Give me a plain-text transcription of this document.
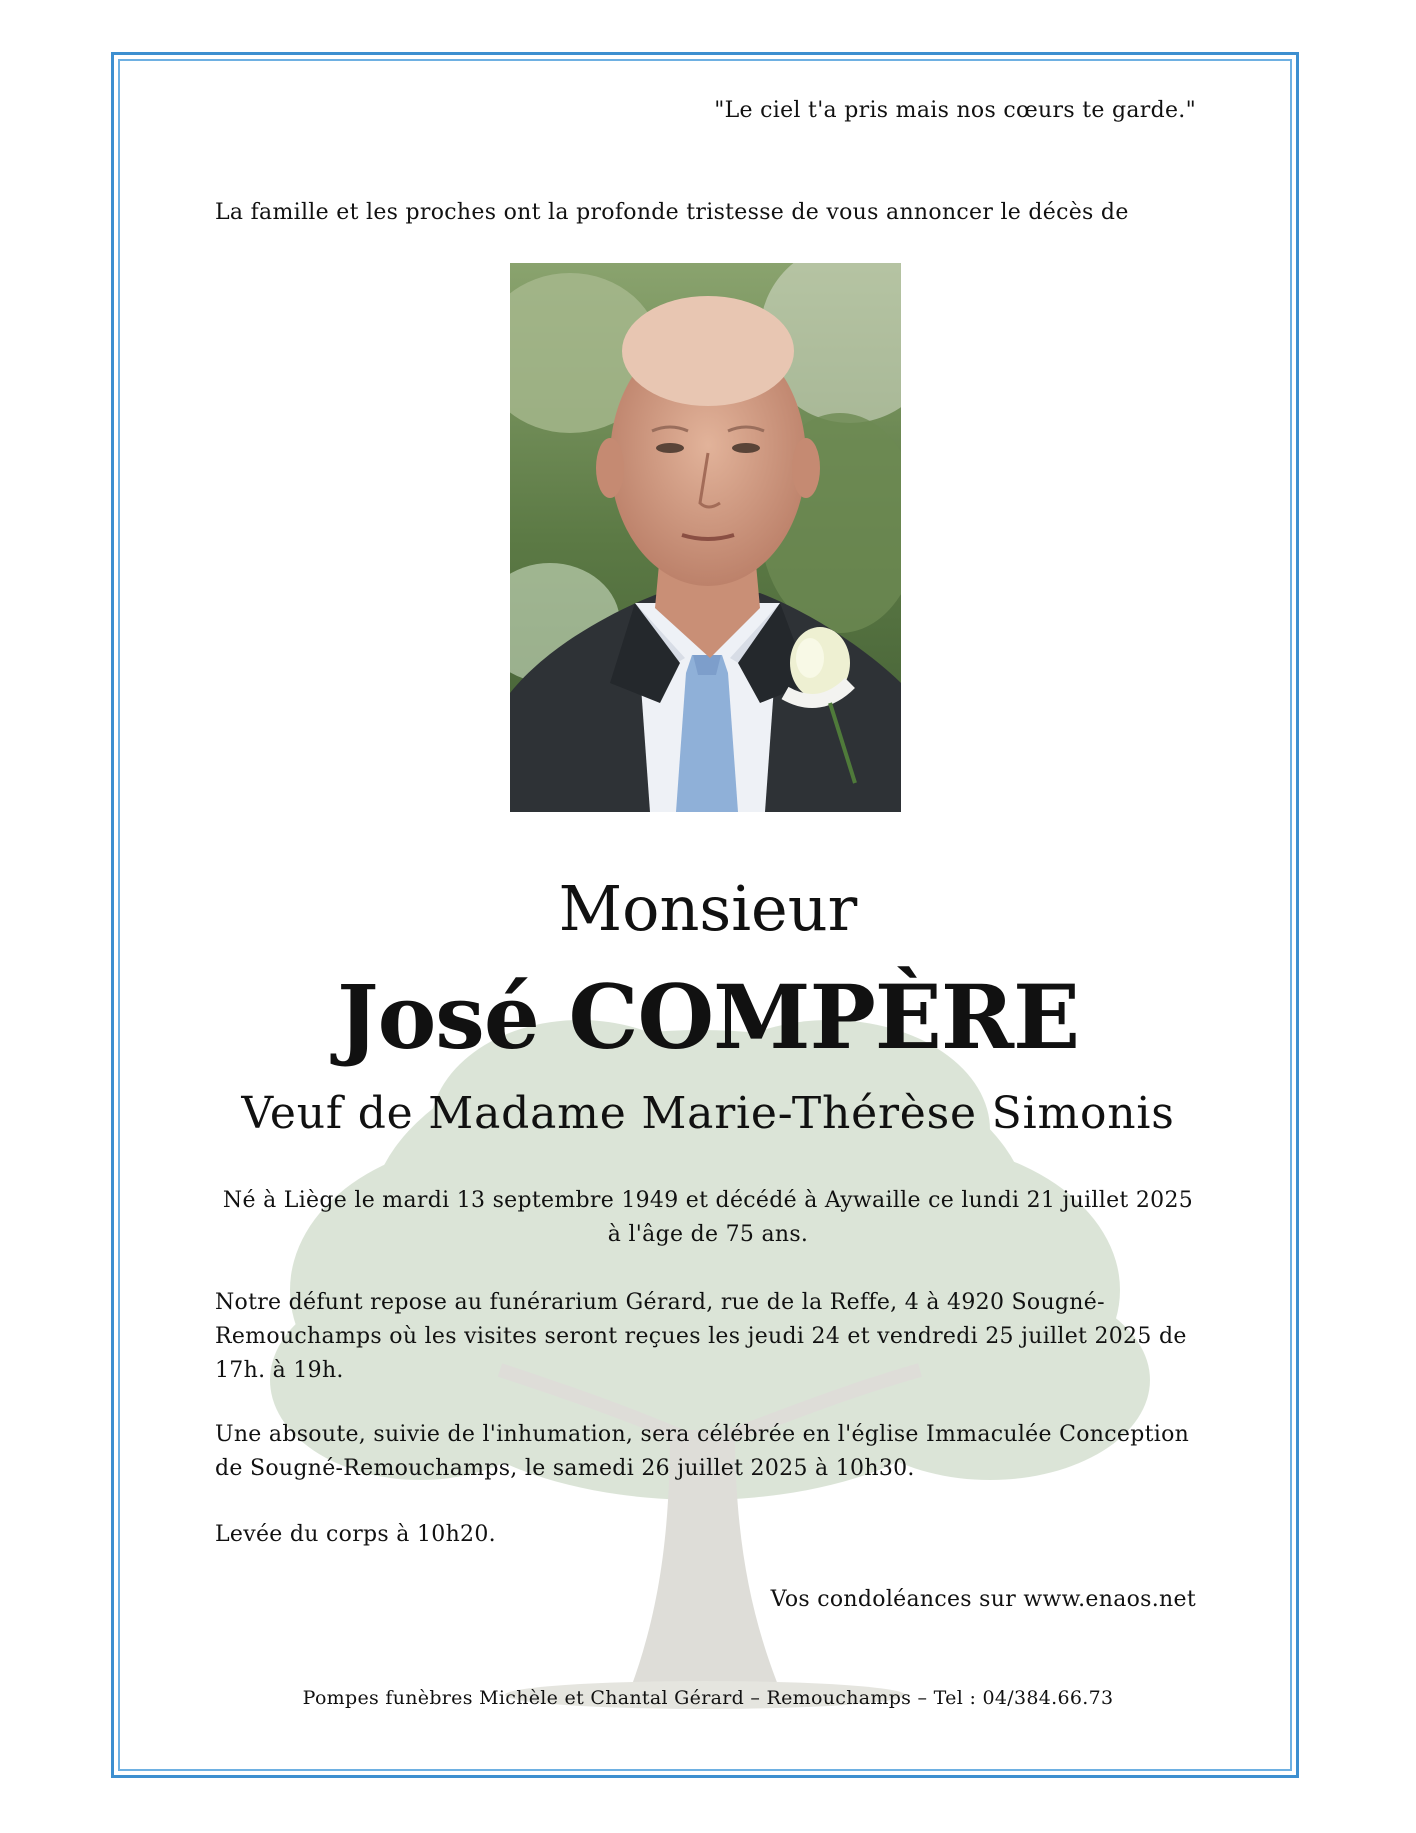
"Le ciel t'a pris mais nos cœurs te garde."
La famille et les proches ont la profonde tristesse de vous annoncer le décès de
Monsieur
José COMPÈRE
Veuf de Madame Marie-Thérèse Simonis
Né à Liège le mardi 13 septembre 1949 et décédé à Aywaille ce lundi 21 juillet 2025
à l'âge de 75 ans.
Notre défunt repose au funérarium Gérard, rue de la Reffe, 4 à 4920 Sougné-Remouchamps où les visites seront reçues les jeudi 24 et vendredi 25 juillet 2025 de 17h. à 19h.
Une absoute, suivie de l'inhumation, sera célébrée en l'église Immaculée Conception de Sougné-Remouchamps, le samedi 26 juillet 2025 à 10h30.
Levée du corps à 10h20.
Vos condoléances sur www.enaos.net
Pompes funèbres Michèle et Chantal Gérard – Remouchamps – Tel : 04/384.66.73
